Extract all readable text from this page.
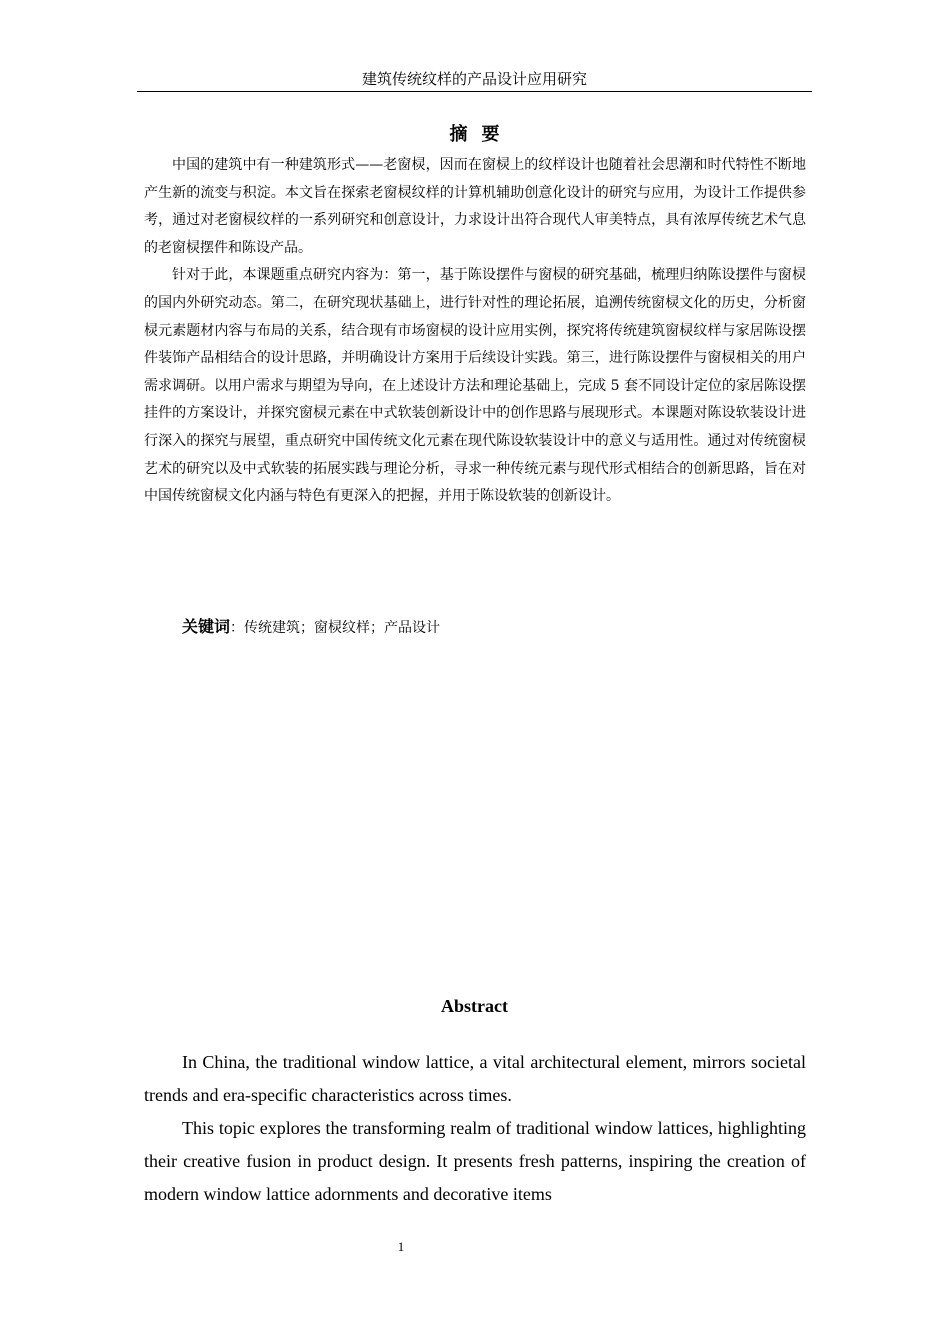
建筑传统纹样的产品设计应用研究
摘要

中国的建筑中有一种建筑形式——老窗棂，因而在窗棂上的纹样设计也随着社会思潮和时代特性不断地产生新的流变与积淀。本文旨在探索老窗棂纹样的计算机辅助创意化设计的研究与应用，为设计工作提供参考，通过对老窗棂纹样的一系列研究和创意设计，力求设计出符合现代人审美特点，具有浓厚传统艺术气息的老窗棂摆件和陈设产品。

针对于此，本课题重点研究内容为：第一，基于陈设摆件与窗棂的研究基础，梳理归纳陈设摆件与窗棂的国内外研究动态。第二，在研究现状基础上，进行针对性的理论拓展，追溯传统窗棂文化的历史，分析窗棂元素题材内容与布局的关系，结合现有市场窗棂的设计应用实例，探究将传统建筑窗棂纹样与家居陈设摆件装饰产品相结合的设计思路，并明确设计方案用于后续设计实践。第三，进行陈设摆件与窗棂相关的用户需求调研。以用户需求与期望为导向，在上述设计方法和理论基础上，完成 5 套不同设计定位的家居陈设摆挂件的方案设计，并探究窗棂元素在中式软装创新设计中的创作思路与展现形式。本课题对陈设软装设计进行深入的探究与展望，重点研究中国传统文化元素在现代陈设软装设计中的意义与适用性。通过对传统窗棂艺术的研究以及中式软装的拓展实践与理论分析，寻求一种传统元素与现代形式相结合的创新思路，旨在对中国传统窗棂文化内涵与特色有更深入的把握，并用于陈设软装的创新设计。

关键词：传统建筑；窗棂纹样；产品设计
Abstract

In China, the traditional window lattice, a vital architectural element, mirrors societal trends and era-specific characteristics across times.

This topic explores the transforming realm of traditional window lattices, highlighting their creative fusion in product design. It presents fresh patterns, inspiring the creation of modern window lattice adornments and decorative items

1
